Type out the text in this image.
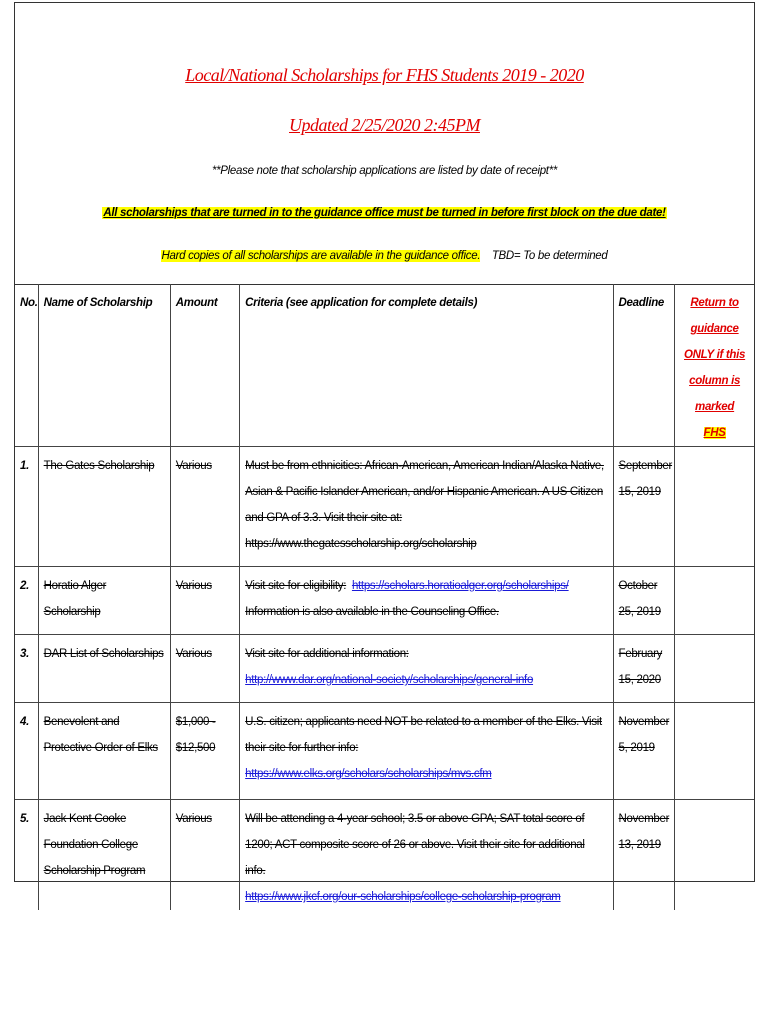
Local/National Scholarships for FHS Students 2019 - 2020
Updated 2/25/2020 2:45PM
**Please note that scholarship applications are listed by date of receipt**
All scholarships that are turned in to the guidance office must be turned in before first block on the due date!
Hard copies of all scholarships are available in the guidance office. TBD= To be determined
No.	Name of Scholarship	Amount	Criteria (see application for complete details)	Deadline	Return to guidance ONLY if this column is marked
FHS
1.	The Gates Scholarship	Various	Must be from ethnicities: African-American, American Indian/Alaska Native, Asian & Pacific Islander American, and/or Hispanic American. A US Citizen and GPA of 3.3. Visit their site at:
https://www.thegatesscholarship.org/scholarship	September 15, 2019	
2.	Horatio Alger Scholarship	Various	Visit site for eligibility: https://scholars.horatioalger.org/scholarships/
Information is also available in the Counseling Office.	October 25, 2019	
3.	DAR List of Scholarships	Various	Visit site for additional information:
http://www.dar.org/national-society/scholarships/general-info	February 15, 2020	
4.	Benevolent and Protective Order of Elks	$1,000 - $12,500	U.S. citizen; applicants need NOT be related to a member of the Elks. Visit their site for further info:
https://www.elks.org/scholars/scholarships/mvs.cfm	November 5, 2019	
5.	Jack Kent Cooke Foundation College Scholarship Program	Various	Will be attending a 4-year school; 3.5 or above GPA; SAT total score of 1200; ACT composite score of 26 or above. Visit their site for additional info.
https://www.jkcf.org/our-scholarships/college-scholarship-program	November 13, 2019	
